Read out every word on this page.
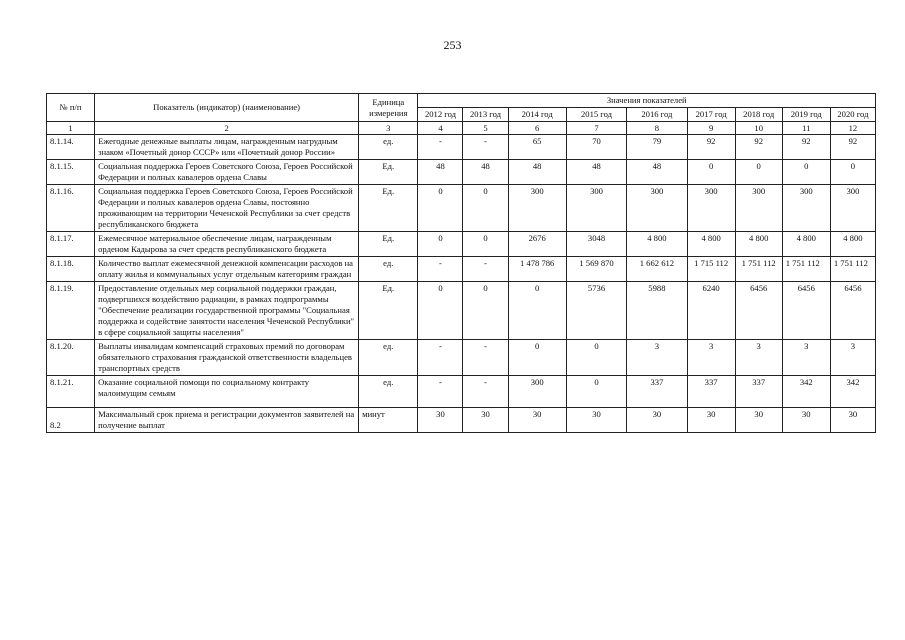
253
№ п/п	Показатель (индикатор) (наименование)	Единица измерения	Значения показателей								
			2012 год	2013 год	2014 год	2015 год	2016 год	2017 год	2018 год	2019 год	2020 год
1	2	3	4	5	6	7	8	9	10	11	12
8.1.14.	Ежегодные денежные выплаты лицам, награжденным нагрудным знаком «Почетный донор СССР» или «Почетный донор России»	ед.	-	-	65	70	79	92	92	92	92
8.1.15.	Социальная поддержка Героев Советского Союза, Героев Российской Федерации и полных кавалеров ордена Славы	Ед.	48	48	48	48	48	0	0	0	0
8.1.16.	Социальная поддержка Героев Советского Союза, Героев Российской Федерации и полных кавалеров ордена Славы, постоянно проживающим на территории Чеченской Республики за счет средств республиканского бюджета	Ед.	0	0	300	300	300	300	300	300	300
8.1.17.	Ежемесячное материальное обеспечение лицам, награжденным орденом Кадырова за счет средств республиканского бюджета	Ед.	0	0	2676	3048	4 800	4 800	4 800	4 800	4 800
8.1.18.	Количество выплат ежемесячной денежной компенсации расходов на оплату жилья и коммунальных услуг отдельным категориям граждан	ед.	-	-	1 478 786	1 569 870	1 662 612	1 715 112	1 751 112	1 751 112	1 751 112
8.1.19.	Предоставление отдельных мер социальной поддержки граждан, подвергшихся воздействию радиации, в рамках подпрограммы "Обеспечение реализации государственной программы "Социальная поддержка и содействие занятости населения Чеченской Республики" в сфере социальной защиты населения"	Ед.	0	0	0	5736	5988	6240	6456	6456	6456
8.1.20.	Выплаты инвалидам компенсаций страховых премий по договорам обязательного страхования гражданской ответственности владельцев транспортных средств	ед.	-	-	0	0	3	3	3	3	3
8.1.21.	Оказание социальной помощи по социальному контракту малоимущим семьям	ед.	-	-	300	0	337	337	337	342	342
8.2	Максимальный срок приема и регистрации документов заявителей на получение выплат	минут	30	30	30	30	30	30	30	30	30
